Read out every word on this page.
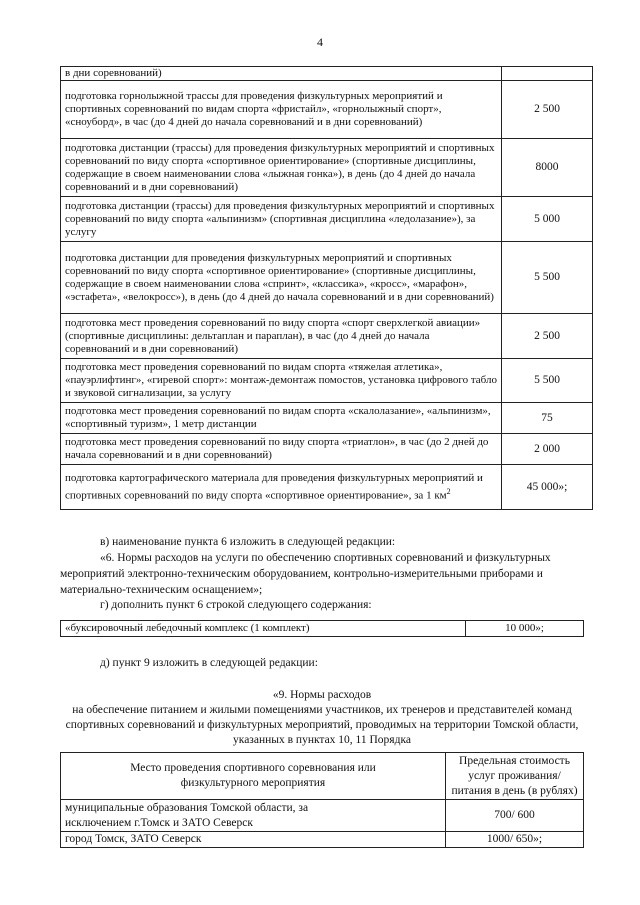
4
в дни соревнований)	
подготовка горнолыжной трассы для проведения физкультурных мероприятий и спортивных соревнований по видам спорта «фристайл», «горнолыжный спорт», «сноуборд», в час (до 4 дней до начала соревнований и в дни соревнований)	2 500
подготовка дистанции (трассы) для проведения физкультурных мероприятий и спортивных соревнований по виду спорта «спортивное ориентирование» (спортивные дисциплины, содержащие в своем наименовании слова «лыжная гонка»), в день (до 4 дней до начала соревнований и в дни соревнований)	8000
подготовка дистанции (трассы) для проведения физкультурных мероприятий и спортивных соревнований по виду спорта «альпинизм» (спортивная дисциплина «ледолазание»), за услугу	5 000
подготовка дистанции для проведения физкультурных мероприятий и спортивных соревнований по виду спорта «спортивное ориентирование» (спортивные дисциплины, содержащие в своем наименовании слова «спринт», «классика», «кросс», «марафон», «эстафета», «велокросс»), в день (до 4 дней до начала соревнований и в дни соревнований)	5 500
подготовка мест проведения соревнований по виду спорта «спорт сверхлегкой авиации» (спортивные дисциплины: дельтаплан и параплан), в час (до 4 дней до начала соревнований и в дни соревнований)	2 500
подготовка мест проведения соревнований по видам спорта «тяжелая атлетика», «пауэрлифтинг», «гиревой спорт»: монтаж-демонтаж помостов, установка цифрового табло и звуковой сигнализации, за услугу	5 500
подготовка мест проведения соревнований по видам спорта «скалолазание», «альпинизм», «спортивный туризм», 1 метр дистанции	75
подготовка мест проведения соревнований по виду спорта «триатлон», в час (до 2 дней до начала соревнований и в дни соревнований)	2 000
подготовка картографического материала для проведения физкультурных мероприятий и спортивных соревнований по виду спорта «спортивное ориентирование», за 1 $км^2$	45 000»;
в) наименование пункта 6 изложить в следующей редакции:
«6. Нормы расходов на услуги по обеспечению спортивных соревнований и физкультурных мероприятий электронно-техническим оборудованием, контрольно-измерительными приборами и материально-техническим оснащением»;
г) дополнить пункт 6 строкой следующего содержания:
«буксировочный лебедочный комплекс (1 комплект)	10 000»;
д) пункт 9 изложить в следующей редакции:
«9. Нормы расходов
на обеспечение питанием и жилыми помещениями участников, их тренеров и представителей команд спортивных соревнований и физкультурных мероприятий, проводимых на территории Томской области, указанных в пунктах 10, 11 Порядка
Место проведения спортивного соревнования или физкультурного мероприятия	Предельная стоимость услуг проживания/ питания в день (в рублях)

муниципальные образования Томской области, за исключением г.Томск и ЗАТО Северск	700/ 600
город Томск, ЗАТО Северск	1000/ 650»;
